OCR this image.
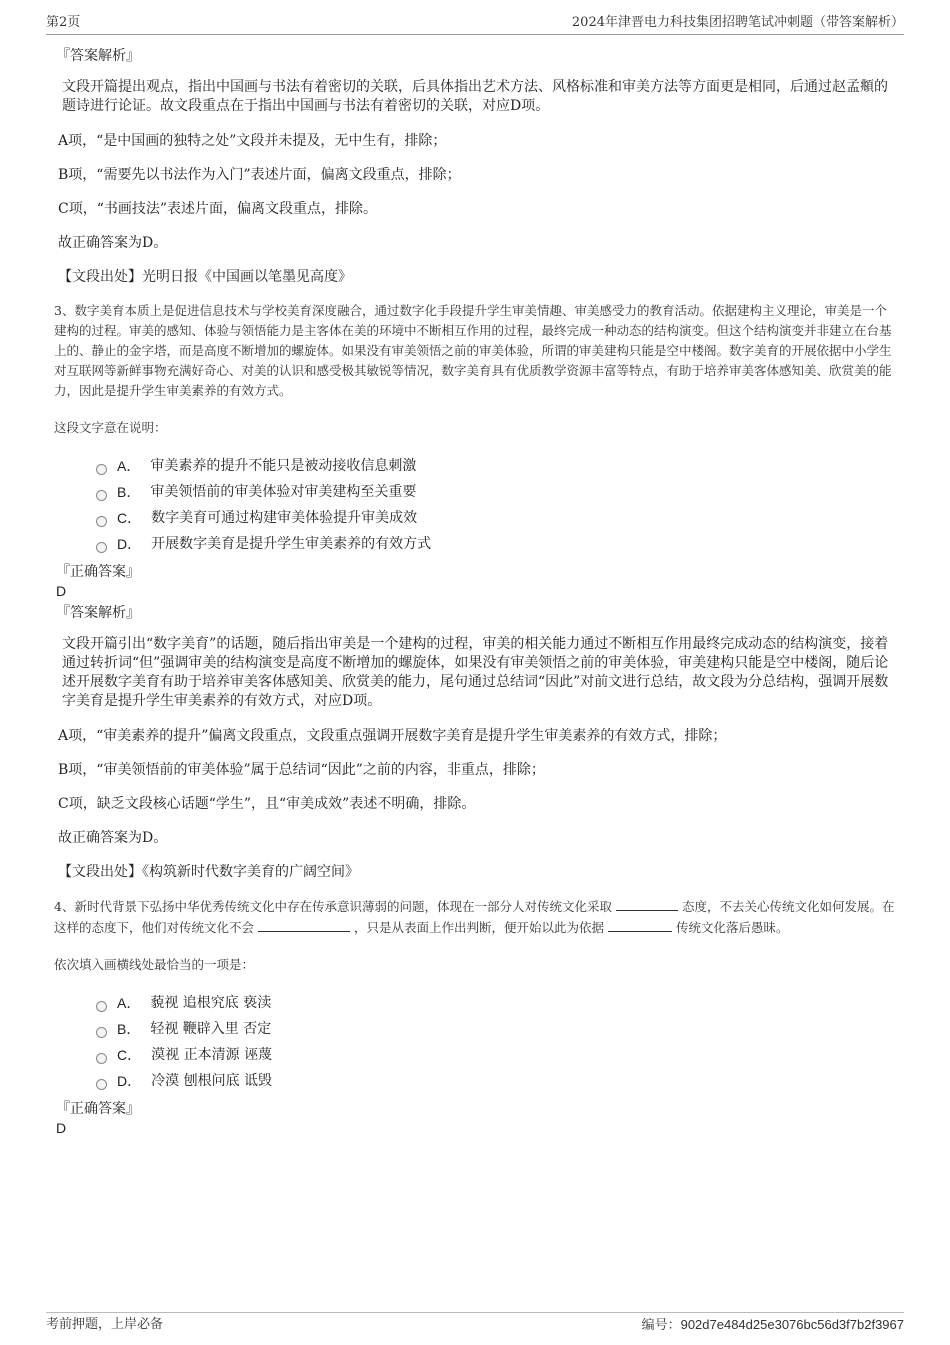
第2页	2024年津晋电力科技集团招聘笔试冲刺题（带答案解析）

『答案解析』

文段开篇提出观点，指出中国画与书法有着密切的关联，后具体指出艺术方法、风格标准和审美方法等方面更是相同，后通过赵孟頫的题诗进行论证。故文段重点在于指出中国画与书法有着密切的关联，对应D项。

A项，“是中国画的独特之处”文段并未提及，无中生有，排除；

B项，“需要先以书法作为入门”表述片面，偏离文段重点，排除；

C项，“书画技法”表述片面，偏离文段重点，排除。

故正确答案为D。

【文段出处】光明日报《中国画以笔墨见高度》

3、数字美育本质上是促进信息技术与学校美育深度融合，通过数字化手段提升学生审美情趣、审美感受力的教育活动。依据建构主义理论，审美是一个建构的过程。审美的感知、体验与领悟能力是主客体在美的环境中不断相互作用的过程，最终完成一种动态的结构演变。但这个结构演变并非建立在台基上的、静止的金字塔，而是高度不断增加的螺旋体。如果没有审美领悟之前的审美体验，所谓的审美建构只能是空中楼阁。数字美育的开展依据中小学生对互联网等新鲜事物充满好奇心、对美的认识和感受极其敏锐等情况，数字美育具有优质教学资源丰富等特点，有助于培养审美客体感知美、欣赏美的能力，因此是提升学生审美素养的有效方式。

这段文字意在说明：

A． 审美素养的提升不能只是被动接收信息刺激
B． 审美领悟前的审美体验对审美建构至关重要
C． 数字美育可通过构建审美体验提升审美成效
D． 开展数字美育是提升学生审美素养的有效方式

『正确答案』

D

『答案解析』

文段开篇引出“数字美育”的话题，随后指出审美是一个建构的过程，审美的相关能力通过不断相互作用最终完成动态的结构演变，接着通过转折词“但”强调审美的结构演变是高度不断增加的螺旋体，如果没有审美领悟之前的审美体验，审美建构只能是空中楼阁，随后论述开展数字美育有助于培养审美客体感知美、欣赏美的能力，尾句通过总结词“因此”对前文进行总结，故文段为分总结构，强调开展数字美育是提升学生审美素养的有效方式，对应D项。

A项，“审美素养的提升”偏离文段重点，文段重点强调开展数字美育是提升学生审美素养的有效方式，排除；

B项，“审美领悟前的审美体验”属于总结词“因此”之前的内容，非重点，排除；

C项，缺乏文段核心话题“学生”，且“审美成效”表述不明确，排除。

故正确答案为D。

【文段出处】《构筑新时代数字美育的广阔空间》

4、新时代背景下弘扬中华优秀传统文化中存在传承意识薄弱的问题，体现在一部分人对传统文化采取	态度，不去关心传统文化如何发展。在这样的态度下，他们对传统文化不会	，只是从表面上作出判断，便开始以此为依据	传统文化落后愚昧。

依次填入画横线处最恰当的一项是：

A． 藐视 追根究底 亵渎
B． 轻视 鞭辟入里 否定
C． 漠视 正本清源 诬蔑
D． 冷漠 刨根问底 诋毁

『正确答案』

D

考前押题，上岸必备	编号：902d7e484d25e3076bc56d3f7b2f3967
